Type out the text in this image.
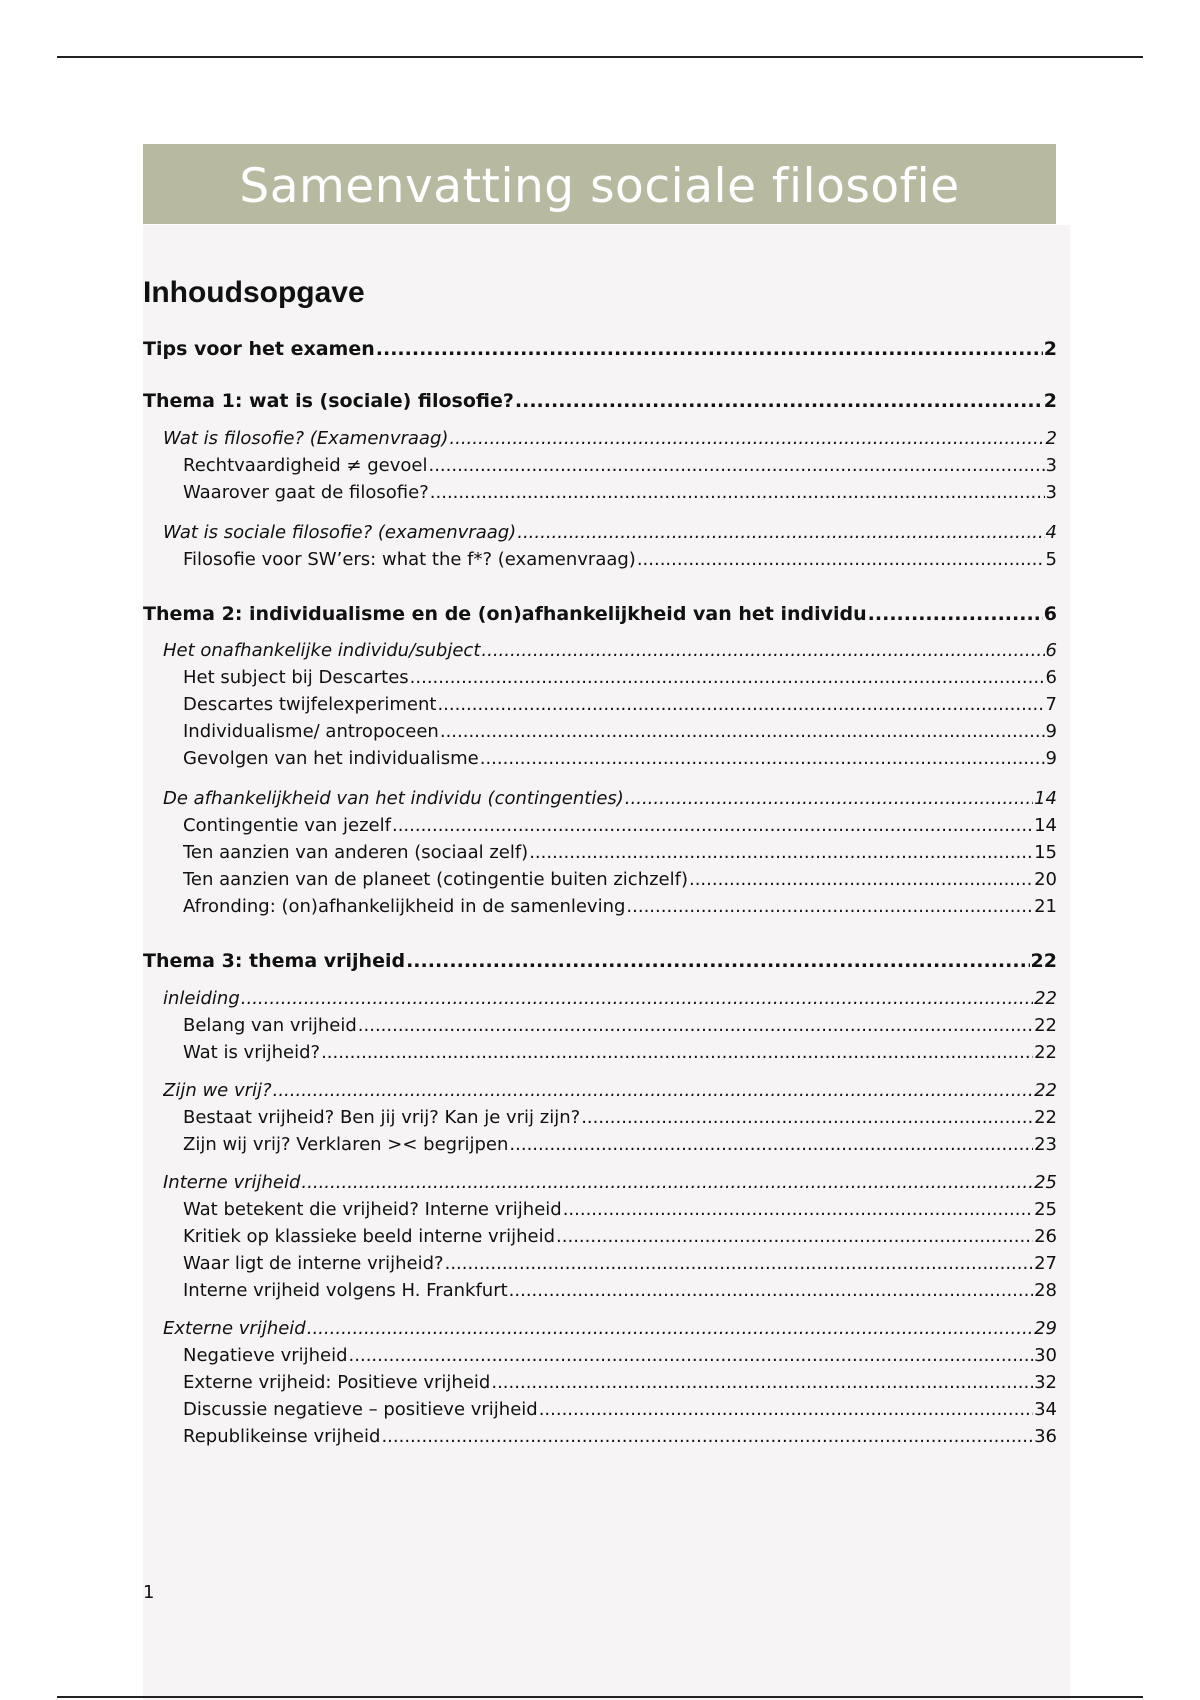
Samenvatting sociale filosofie
Inhoudsopgave
Tips voor het examen .....	2
Thema 1: wat is (sociale) filosofie? .....	2
Wat is filosofie? (Examenvraag) .....	2
Rechtvaardigheid ≠ gevoel .....	3
Waarover gaat de filosofie? .....	3
Wat is sociale filosofie? (examenvraag) .....	4
Filosofie voor SW’ers: what the f*? (examenvraag) .....	5
Thema 2: individualisme en de (on)afhankelijkheid van het individu .....	6
Het onafhankelijke individu/subject .....	6
Het subject bij Descartes .....	6
Descartes twijfelexperiment .....	7
Individualisme/ antropoceen .....	9
Gevolgen van het individualisme .....	9
De afhankelijkheid van het individu (contingenties) .....	14
Contingentie van jezelf .....	14
Ten aanzien van anderen (sociaal zelf) .....	15
Ten aanzien van de planeet (cotingentie buiten zichzelf) .....	20
Afronding: (on)afhankelijkheid in de samenleving .....	21
Thema 3: thema vrijheid .....	22
inleiding .....	22
Belang van vrijheid .....	22
Wat is vrijheid? .....	22
Zijn we vrij? .....	22
Bestaat vrijheid? Ben jij vrij? Kan je vrij zijn? .....	22
Zijn wij vrij? Verklaren >< begrijpen .....	23
Interne vrijheid .....	25
Wat betekent die vrijheid? Interne vrijheid .....	25
Kritiek op klassieke beeld interne vrijheid .....	26
Waar ligt de interne vrijheid? .....	27
Interne vrijheid volgens H. Frankfurt .....	28
Externe vrijheid .....	29
Negatieve vrijheid .....	30
Externe vrijheid: Positieve vrijheid .....	32
Discussie negatieve – positieve vrijheid .....	34
Republikeinse vrijheid .....	36
1
